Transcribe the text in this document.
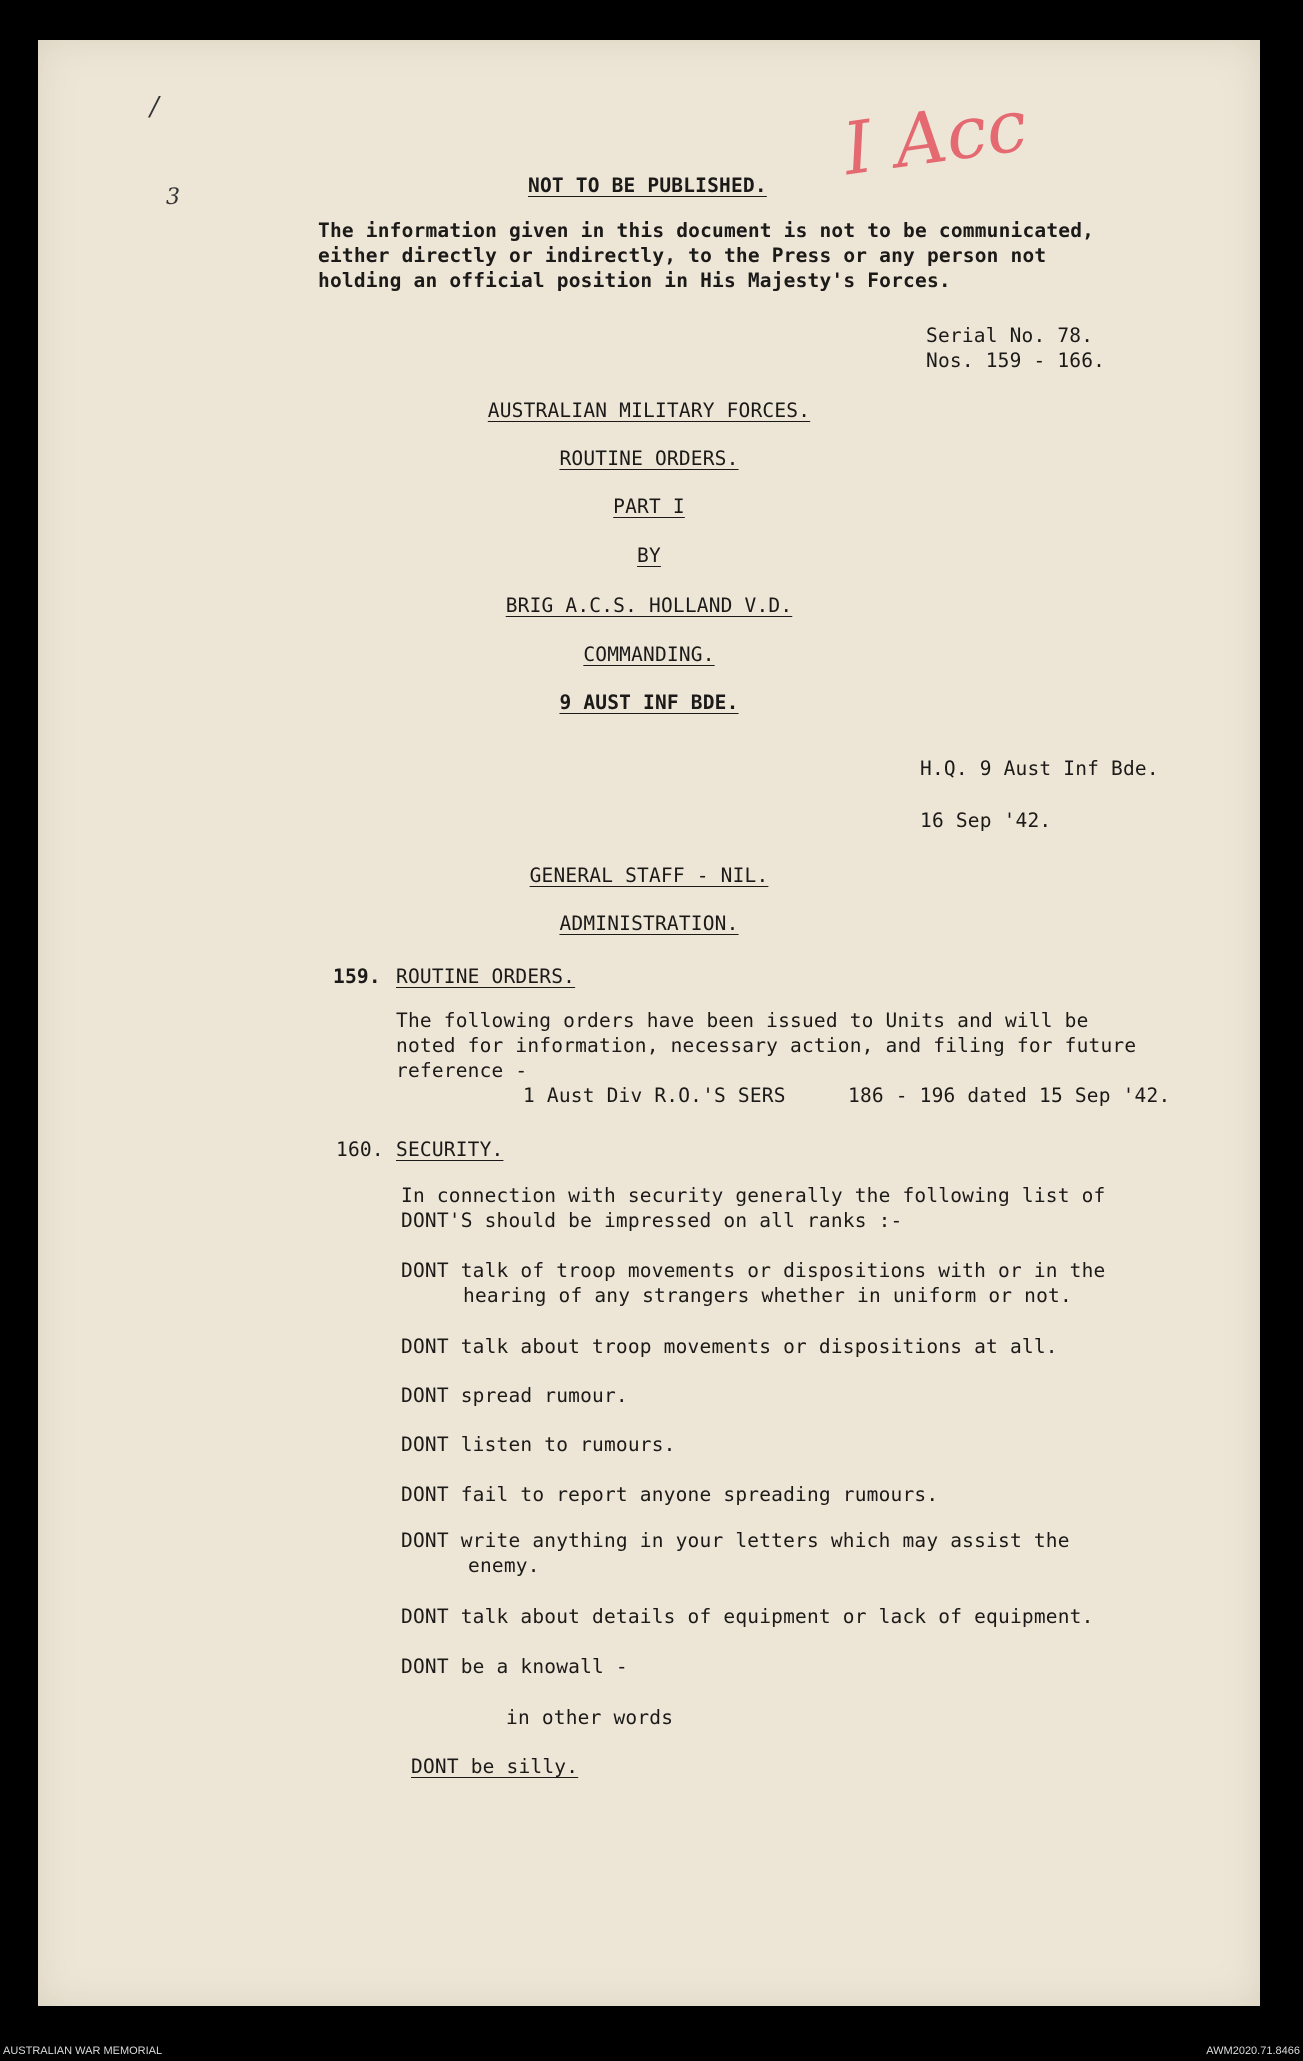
I Acc
/
3	NOT TO BE PUBLISHED.
The information given in this document is not to be communicated,
either directly or indirectly, to the Press or any person not
holding an official position in His Majesty's Forces.
Serial No. 78.
Nos. 159 - 166.
AUSTRALIAN MILITARY FORCES.
ROUTINE ORDERS.
PART I
BY
BRIG A.C.S. HOLLAND V.D.
COMMANDING.
9 AUST INF BDE.
H.Q. 9 Aust Inf Bde.
16 Sep '42.
GENERAL STAFF - NIL.
ADMINISTRATION.
159. ROUTINE ORDERS.
The following orders have been issued to Units and will be
noted for information, necessary action, and filing for future
reference -
1 Aust Div R.O.'S SERS	186 - 196 dated 15 Sep '42.
160. SECURITY.
In connection with security generally the following list of
DONT'S should be impressed on all ranks :-
DONT talk of troop movements or dispositions with or in the
hearing of any strangers whether in uniform or not.
DONT talk about troop movements or dispositions at all.
DONT spread rumour.
DONT listen to rumours.
DONT fail to report anyone spreading rumours.
DONT write anything in your letters which may assist the
enemy.
DONT talk about details of equipment or lack of equipment.
DONT be a knowall -
in other words
DONT be silly.
AUSTRALIAN WAR MEMORIAL	AWM2020.71.8466
